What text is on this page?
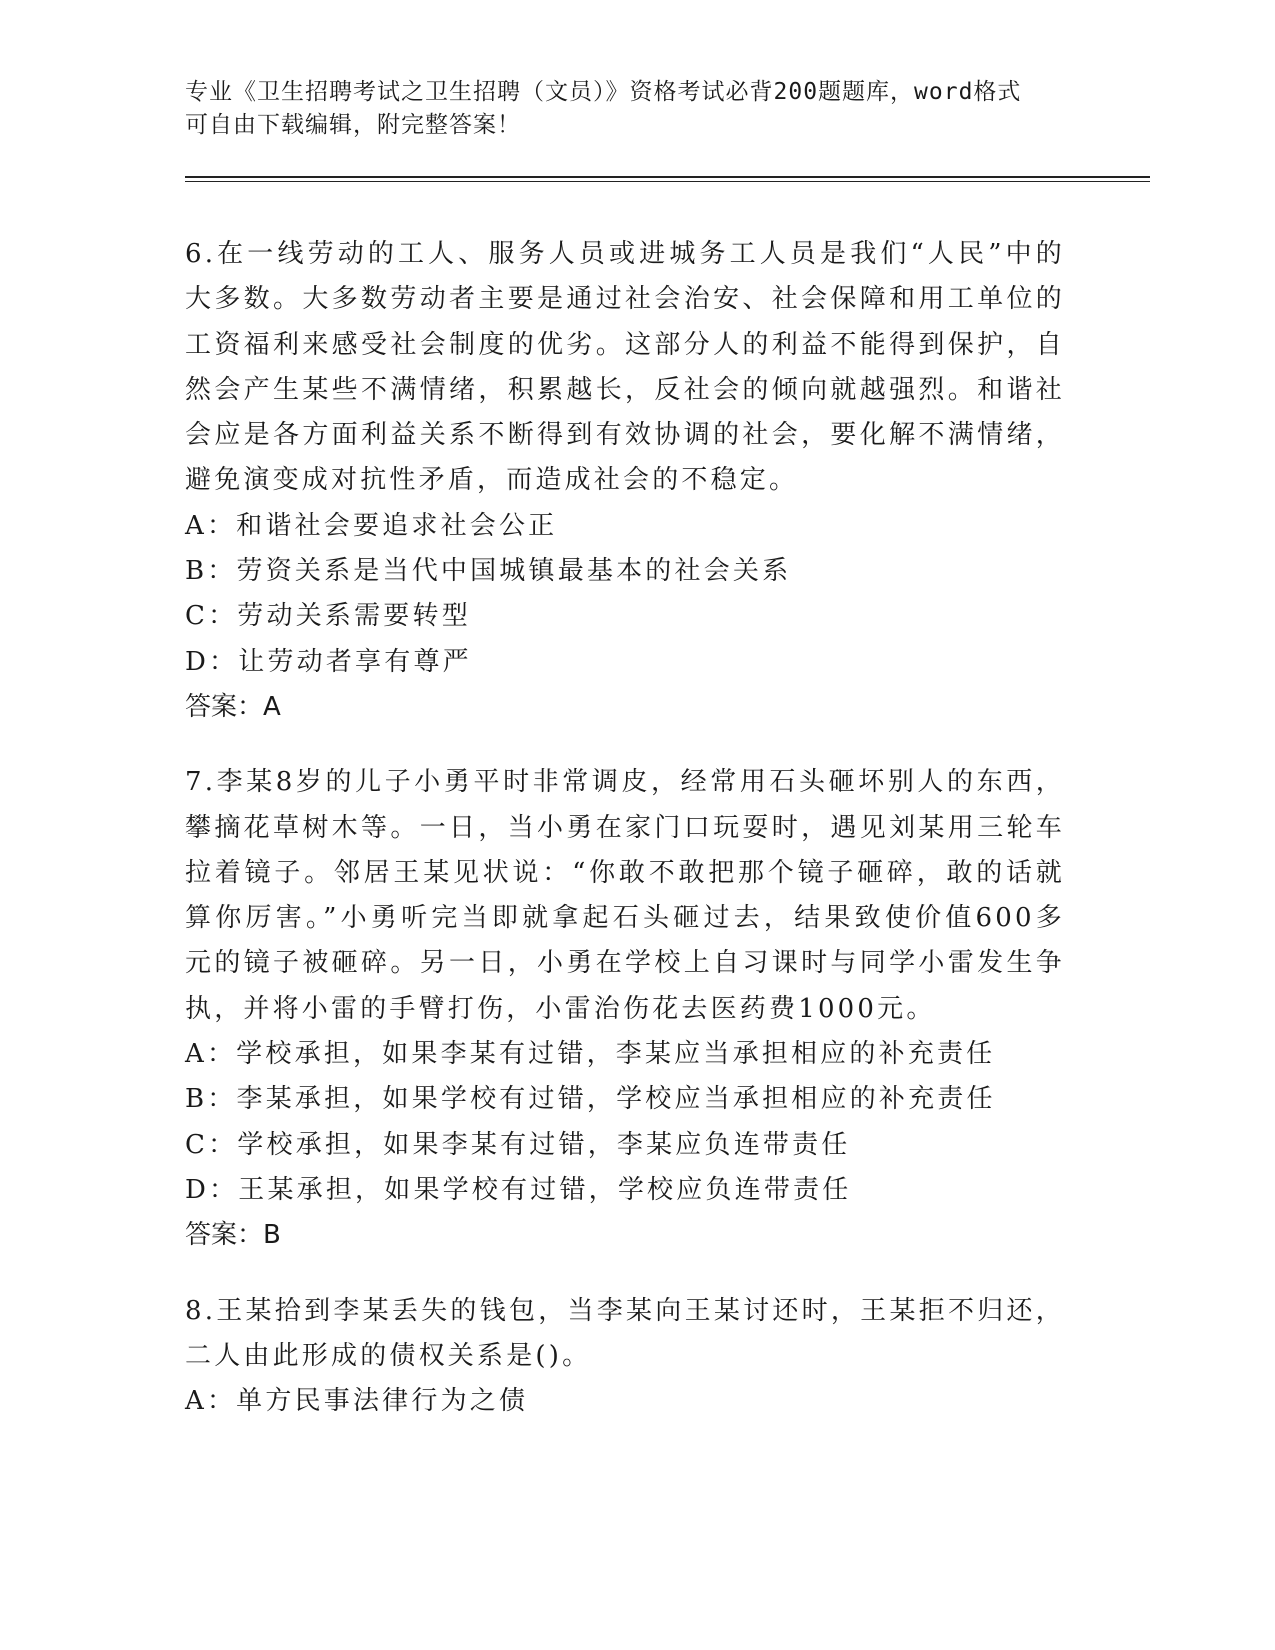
专业《卫生招聘考试之卫生招聘（文员）》资格考试必背200题题库，word格式
可自由下载编辑，附完整答案！

6.在一线劳动的工人、服务人员或进城务工人员是我们“人民”中的大多数。大多数劳动者主要是通过社会治安、社会保障和用工单位的工资福利来感受社会制度的优劣。这部分人的利益不能得到保护，自然会产生某些不满情绪，积累越长，反社会的倾向就越强烈。和谐社会应是各方面利益关系不断得到有效协调的社会，要化解不满情绪，避免演变成对抗性矛盾，而造成社会的不稳定。

A：和谐社会要追求社会公正

B：劳资关系是当代中国城镇最基本的社会关系

C：劳动关系需要转型

D：让劳动者享有尊严

答案：A

7.李某8岁的儿子小勇平时非常调皮，经常用石头砸坏别人的东西，攀摘花草树木等。一日，当小勇在家门口玩耍时，遇见刘某用三轮车拉着镜子。邻居王某见状说：“你敢不敢把那个镜子砸碎，敢的话就算你厉害。”小勇听完当即就拿起石头砸过去，结果致使价值600多元的镜子被砸碎。另一日，小勇在学校上自习课时与同学小雷发生争执，并将小雷的手臂打伤，小雷治伤花去医药费1000元。

A：学校承担，如果李某有过错，李某应当承担相应的补充责任

B：李某承担，如果学校有过错，学校应当承担相应的补充责任

C：学校承担，如果李某有过错，李某应负连带责任

D：王某承担，如果学校有过错，学校应负连带责任

答案：B

8.王某拾到李某丢失的钱包，当李某向王某讨还时，王某拒不归还，二人由此形成的债权关系是()。

A：单方民事法律行为之债
